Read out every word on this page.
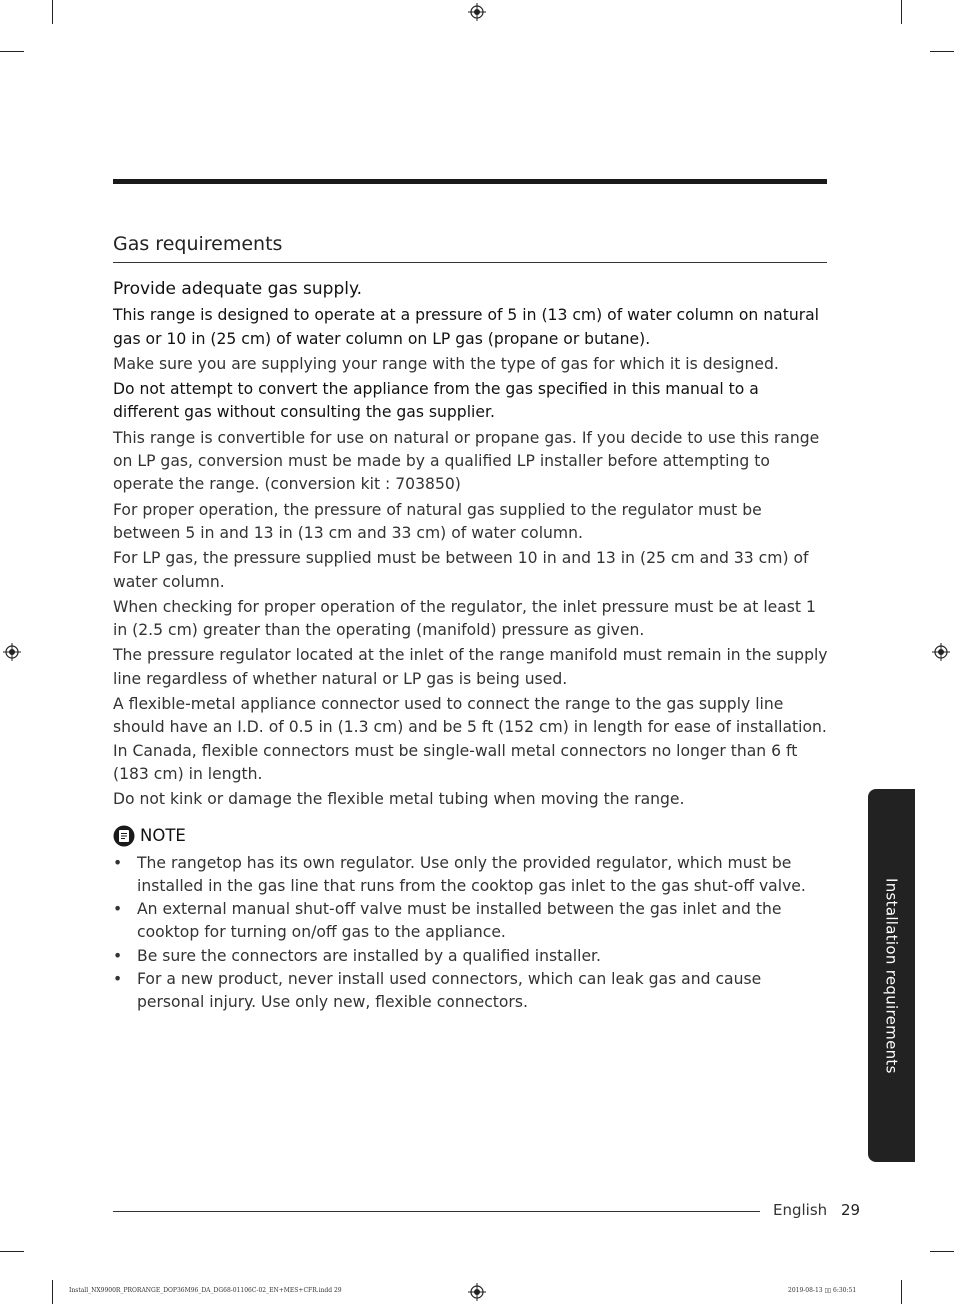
Gas requirements
Provide adequate gas supply.

This range is designed to operate at a pressure of 5 in (13 cm) of water column on natural gas or 10 in (25 cm) of water column on LP gas (propane or butane).

Make sure you are supplying your range with the type of gas for which it is designed.

Do not attempt to convert the appliance from the gas specified in this manual to a different gas without consulting the gas supplier.

This range is convertible for use on natural or propane gas. If you decide to use this range on LP gas, conversion must be made by a qualified LP installer before attempting to operate the range. (conversion kit : 703850)

For proper operation, the pressure of natural gas supplied to the regulator must be between 5 in and 13 in (13 cm and 33 cm) of water column.

For LP gas, the pressure supplied must be between 10 in and 13 in (25 cm and 33 cm) of water column.

When checking for proper operation of the regulator, the inlet pressure must be at least 1 in (2.5 cm) greater than the operating (manifold) pressure as given.

The pressure regulator located at the inlet of the range manifold must remain in the supply line regardless of whether natural or LP gas is being used.

A flexible-metal appliance connector used to connect the range to the gas supply line should have an I.D. of 0.5 in (1.3 cm) and be 5 ft (152 cm) in length for ease of installation. In Canada, flexible connectors must be single-wall metal connectors no longer than 6 ft (183 cm) in length.

Do not kink or damage the flexible metal tubing when moving the range.

NOTE
• The rangetop has its own regulator. Use only the provided regulator, which must be installed in the gas line that runs from the cooktop gas inlet to the gas shut-off valve.
• An external manual shut-off valve must be installed between the gas inlet and the cooktop for turning on/off gas to the appliance.
• Be sure the connectors are installed by a qualified installer.
• For a new product, never install used connectors, which can leak gas and cause personal injury. Use only new, flexible connectors.	Installation requirements
English 29
Install_NX9900R_PRORANGE_DOP36M96_DA_DG68-01106C-02_EN+MES+CFR.indd 29	2019-08-13 ▯▯ 6:30:51
